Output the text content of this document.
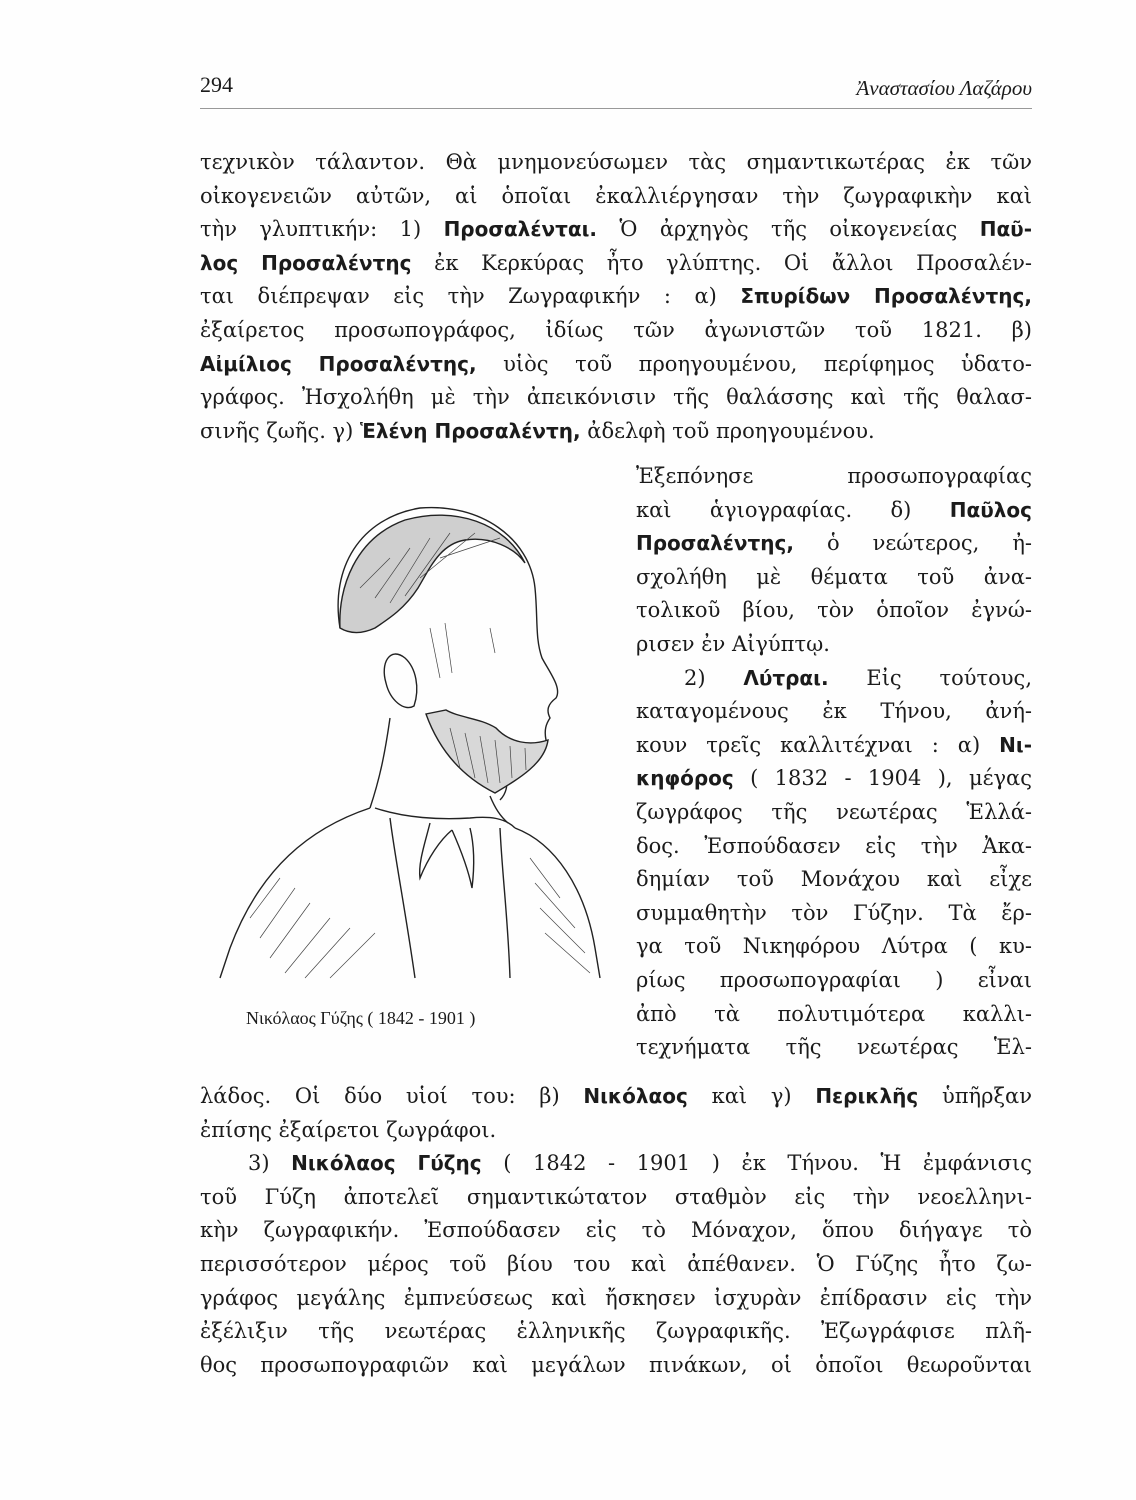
294	Ἀναστασίου Λαζάρου
τεχνικὸν τάλαντον. Θὰ μνημονεύσωμεν τὰς σημαντικωτέρας ἐκ τῶν
οἰκογενειῶν αὐτῶν, αἱ ὁποῖαι ἐκαλλιέργησαν τὴν ζωγραφικὴν καὶ
τὴν γλυπτικήν: 1) Προσαλένται. Ὁ ἀρχηγὸς τῆς οἰκογενείας Παῦ-
λος Προσαλέντης ἐκ Κερκύρας ἦτο γλύπτης. Οἱ ἄλλοι Προσαλέν-
ται διέπρεψαν εἰς τὴν Ζωγραφικήν : α) Σπυρίδων Προσαλέντης,
ἐξαίρετος προσωπογράφος, ἰδίως τῶν ἀγωνιστῶν τοῦ 1821. β)
Αἰμίλιος Προσαλέντης, υἱὸς τοῦ προηγουμένου, περίφημος ὑδατο-
γράφος. Ἠσχολήθη μὲ τὴν ἀπεικόνισιν τῆς θαλάσσης καὶ τῆς θαλασ-
σινῆς ζωῆς. γ) Ἑλένη Προσαλέντη, ἀδελφὴ τοῦ προηγουμένου.
Νικόλαος Γύζης ( 1842 - 1901 )
Ἐξεπόνησε προσωπογραφίας
καὶ ἁγιογραφίας. δ) Παῦλος
Προσαλέντης, ὁ νεώτερος, ἠ-
σχολήθη μὲ θέματα τοῦ ἀνα-
τολικοῦ βίου, τὸν ὁποῖον ἐγνώ-
ρισεν ἐν Αἰγύπτῳ.
2) Λύτραι. Εἰς τούτους,
καταγομένους ἐκ Τήνου, ἀνή-
κουν τρεῖς καλλιτέχναι : α) Νι-
κηφόρος ( 1832 - 1904 ), μέγας
ζωγράφος τῆς νεωτέρας Ἑλλά-
δος. Ἐσπούδασεν εἰς τὴν Ἀκα-
δημίαν τοῦ Μονάχου καὶ εἶχε
συμμαθητὴν τὸν Γύζην. Τὰ ἔρ-
γα τοῦ Νικηφόρου Λύτρα ( κυ-
ρίως προσωπογραφίαι ) εἶναι
ἀπὸ τὰ πολυτιμότερα καλλι-
τεχνήματα τῆς νεωτέρας Ἑλ-
λάδος. Οἱ δύο υἱοί του: β) Νικόλαος καὶ γ) Περικλῆς ὑπῆρξαν
ἐπίσης ἐξαίρετοι ζωγράφοι.
3) Νικόλαος Γύζης ( 1842 - 1901 ) ἐκ Τήνου. Ἡ ἐμφάνισις
τοῦ Γύζη ἀποτελεῖ σημαντικώτατον σταθμὸν εἰς τὴν νεοελληνι-
κὴν ζωγραφικήν. Ἐσπούδασεν εἰς τὸ Μόναχον, ὅπου διήγαγε τὸ
περισσότερον μέρος τοῦ βίου του καὶ ἀπέθανεν. Ὁ Γύζης ἦτο ζω-
γράφος μεγάλης ἐμπνεύσεως καὶ ἤσκησεν ἰσχυρὰν ἐπίδρασιν εἰς τὴν
ἐξέλιξιν τῆς νεωτέρας ἑλληνικῆς ζωγραφικῆς. Ἐζωγράφισε πλῆ-
θος προσωπογραφιῶν καὶ μεγάλων πινάκων, οἱ ὁποῖοι θεωροῦνται
